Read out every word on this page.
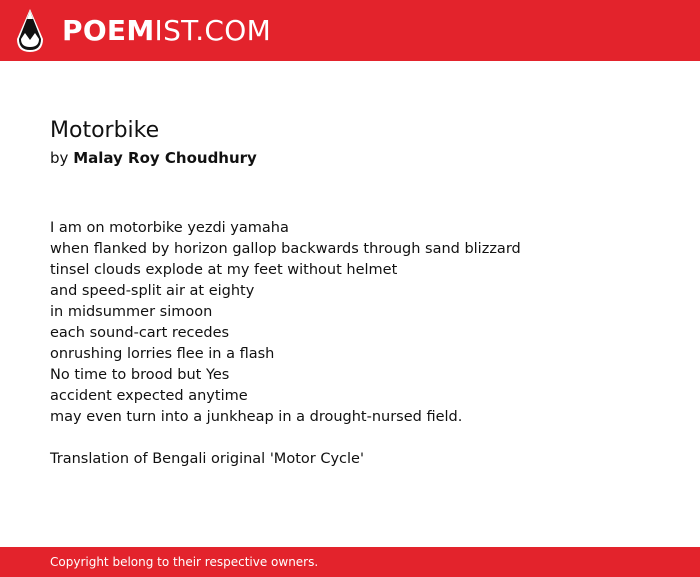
POEMIST.COM
Motorbike
by Malay Roy Choudhury
I am on motorbike yezdi yamaha
when flanked by horizon gallop backwards through sand blizzard
tinsel clouds explode at my feet without helmet
and speed-split air at eighty
in midsummer simoon
each sound-cart recedes
onrushing lorries flee in a flash
No time to brood but Yes
accident expected anytime
may even turn into a junkheap in a drought-nursed field.
Translation of Bengali original 'Motor Cycle'
Copyright belong to their respective owners.
